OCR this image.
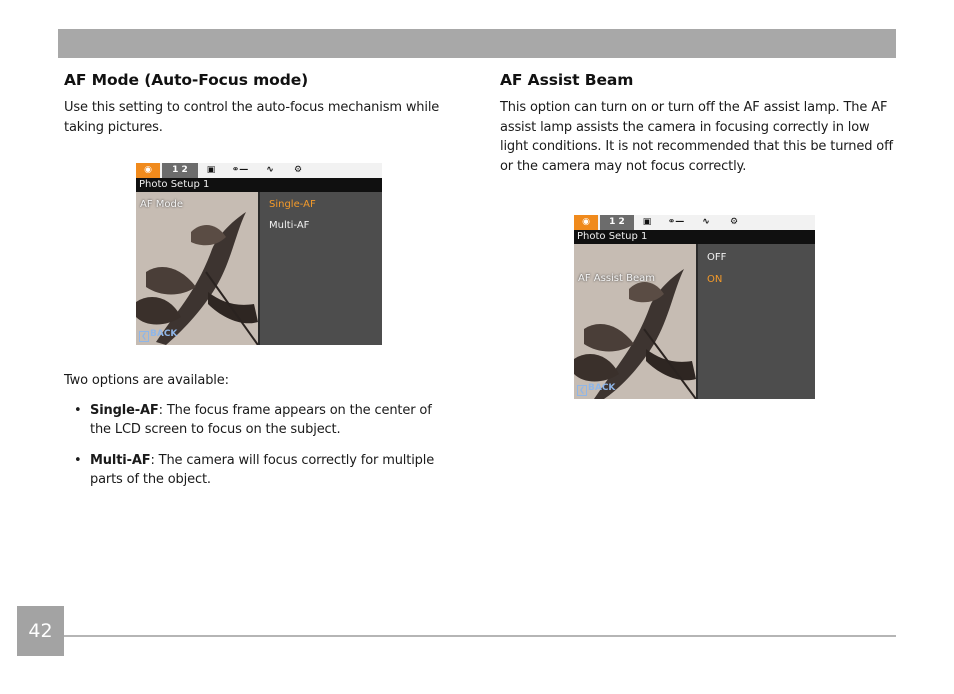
AF Mode (Auto-Focus mode)

Use this setting to control the auto-focus mechanism while taking pictures.

◉	1 2	▣	⚭—	∿	⚙
Photo Setup 1
AF Mode	Single-AF
Multi-AF
❮ BACK

Two options are available:

• Single-AF: The focus frame appears on the center of the LCD screen to focus on the subject.
• Multi-AF: The camera will focus correctly for multiple parts of the object.
AF Assist Beam

This option can turn on or turn off the AF assist lamp. The AF assist lamp assists the camera in focusing correctly in low light conditions. It is not recommended that this be turned off or the camera may not focus correctly.

◉	1 2	▣	⚭—	∿	⚙
Photo Setup 1
AF Assist Beam
OFF
ON
❮ BACK
42
